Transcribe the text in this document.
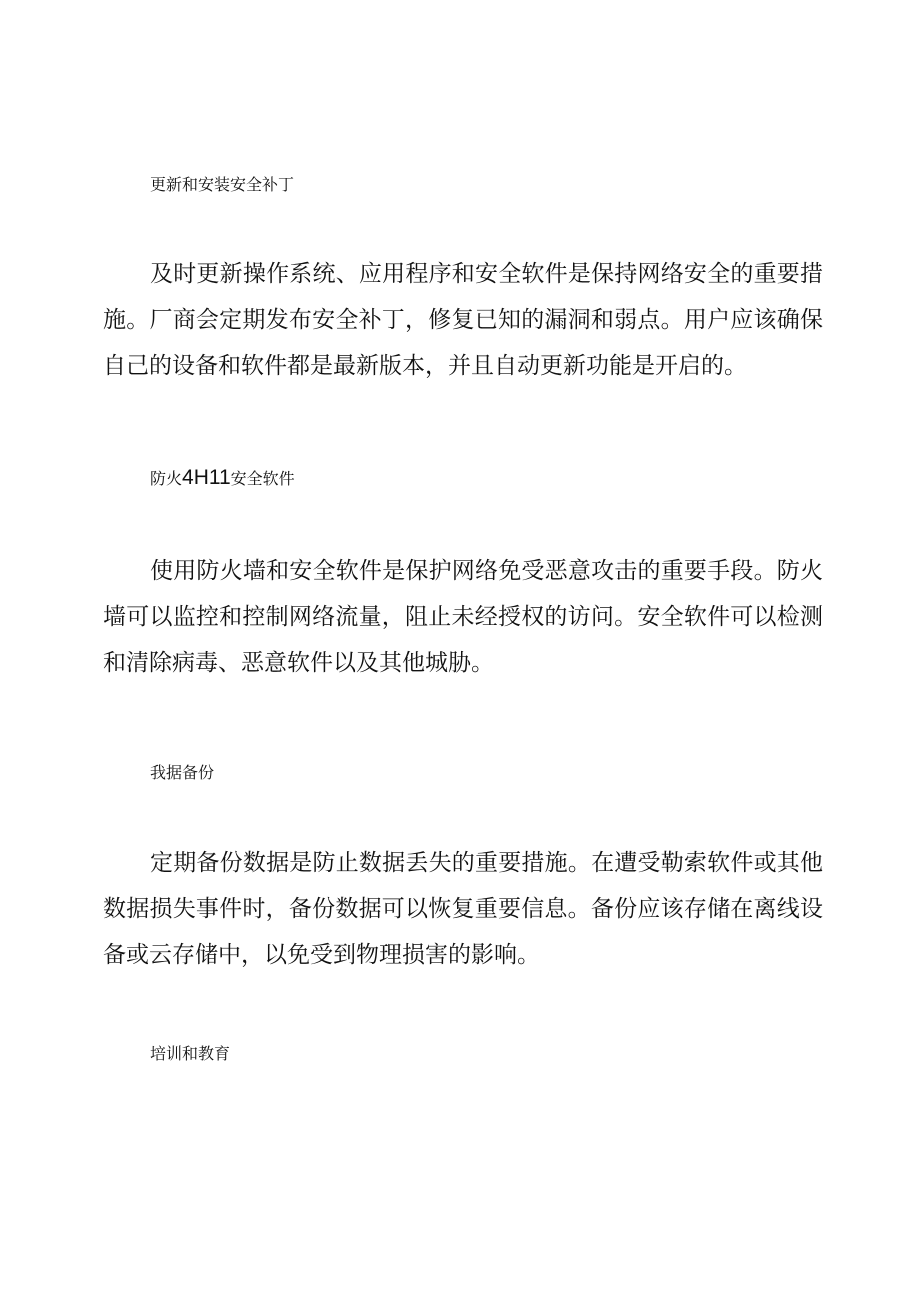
更新和安装安全补丁

及时更新操作系统、应用程序和安全软件是保持网络安全的重要措施。厂商会定期发布安全补丁，修复已知的漏洞和弱点。用户应该确保自己的设备和软件都是最新版本，并且自动更新功能是开启的。

防火4H11安全软件

使用防火墙和安全软件是保护网络免受恶意攻击的重要手段。防火墙可以监控和控制网络流量，阻止未经授权的访问。安全软件可以检测和清除病毒、恶意软件以及其他城胁。

我据备份

定期备份数据是防止数据丢失的重要措施。在遭受勒索软件或其他数据损失事件时，备份数据可以恢复重要信息。备份应该存储在离线设备或云存储中，以免受到物理损害的影响。

培训和教育
